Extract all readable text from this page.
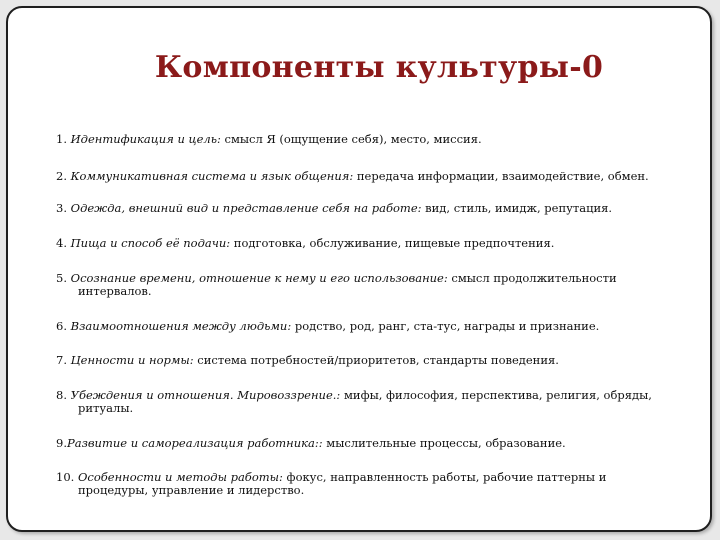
Компоненты культуры-0
1. Идентификация и цель: смысл Я (ощущение себя), место, миссия.
2. Коммуникативная система и язык общения: передача информации, взаимодействие, обмен.
3. Одежда, внешний вид и представление себя на работе: вид, стиль, имидж, репутация.
4. Пища и способ её подачи: подготовка, обслуживание, пищевые предпочтения.
5. Осознание времени, отношение к нему и его использование: смысл продолжительности
интервалов.
6. Взаимоотношения между людьми: родство, род, ранг, ста-тус, награды и признание.
7. Ценности и нормы: система потребностей/приоритетов, стандарты поведения.
8. Убеждения и отношения. Мировоззрение.: мифы, философия, перспектива, религия, обряды,
ритуалы.
9.Развитие и самореализация работника:: мыслительные процессы, образование.
10. Особенности и методы работы: фокус, направленность работы, рабочие паттерны и
процедуры, управление и лидерство.
